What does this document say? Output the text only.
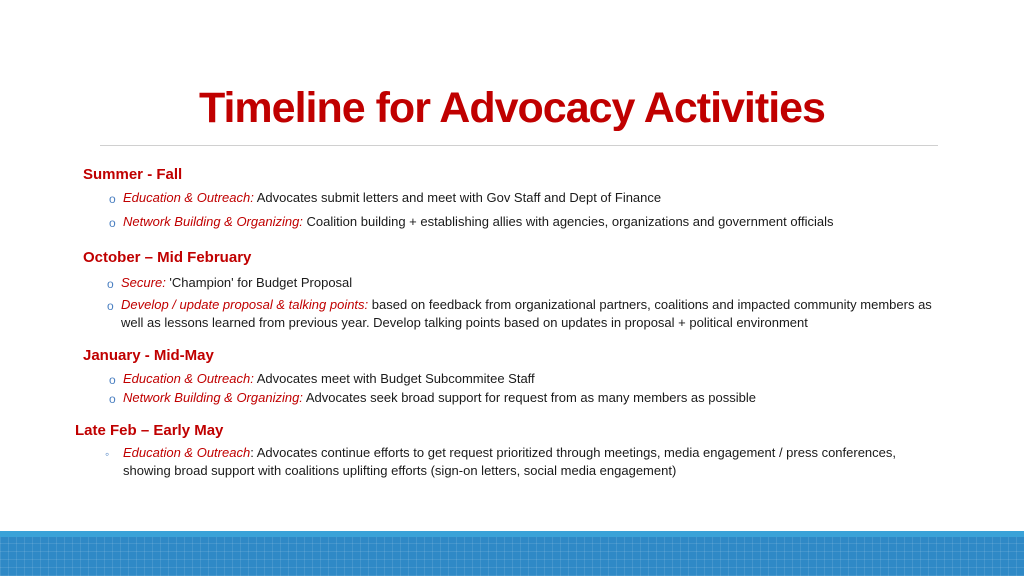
Timeline for Advocacy Activities
Summer - Fall
o Education & Outreach: Advocates submit letters and meet with Gov Staff and Dept of Finance
o Network Building & Organizing: Coalition building + establishing allies with agencies, organizations and government officials
October – Mid February
o Secure: 'Champion' for Budget Proposal
o Develop / update proposal & talking points: based on feedback from organizational partners, coalitions and impacted community members as well as lessons learned from previous year. Develop talking points based on updates in proposal + political environment
January - Mid-May
o Education & Outreach: Advocates meet with Budget Subcommitee Staff
o Network Building & Organizing: Advocates seek broad support for request from as many members as possible
Late Feb – Early May
◦ Education & Outreach: Advocates continue efforts to get request prioritized through meetings, media engagement / press conferences, showing broad support with coalitions uplifting efforts (sign-on letters, social media engagement)
